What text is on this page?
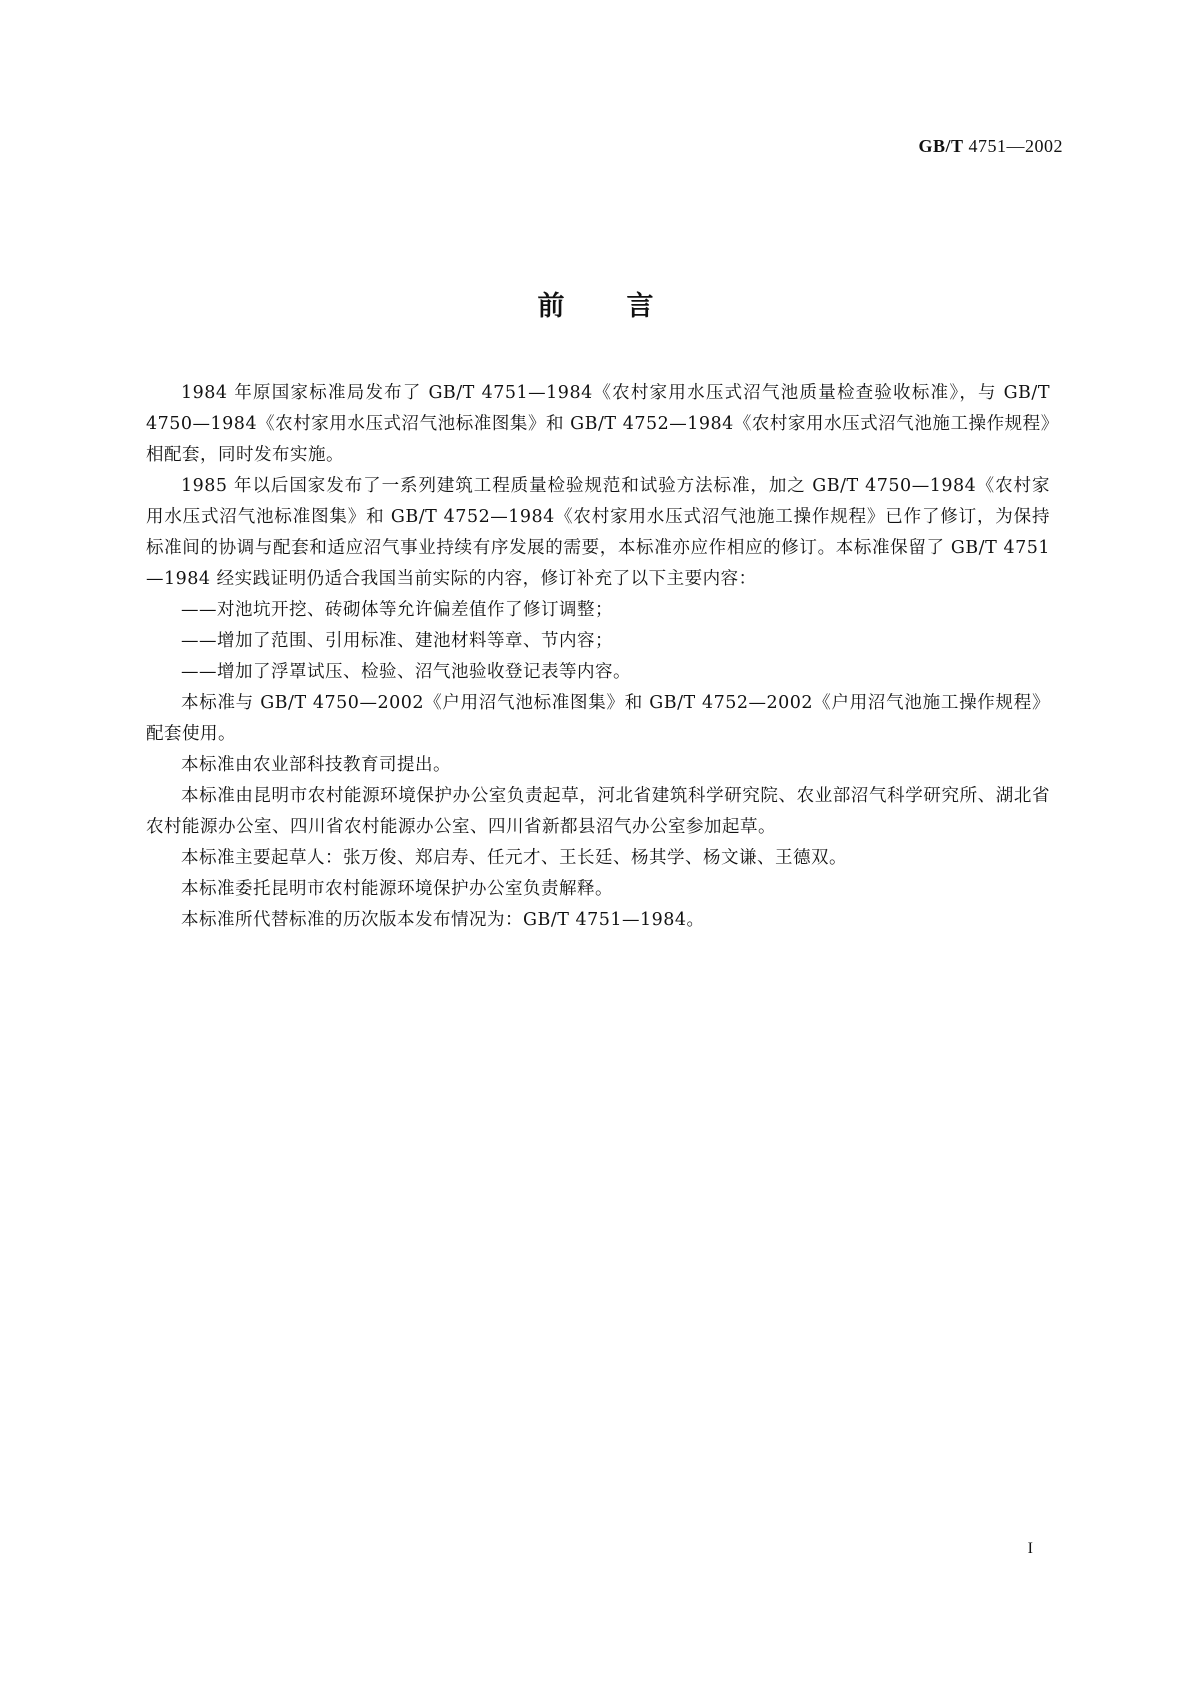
GB/T 4751—2002
前言

1984 年原国家标准局发布了 GB/T 4751—1984《农村家用水压式沼气池质量检查验收标准》，与 GB/T 4750—1984《农村家用水压式沼气池标准图集》和 GB/T 4752—1984《农村家用水压式沼气池施工操作规程》相配套，同时发布实施。

1985 年以后国家发布了一系列建筑工程质量检验规范和试验方法标准，加之 GB/T 4750—1984《农村家用水压式沼气池标准图集》和 GB/T 4752—1984《农村家用水压式沼气池施工操作规程》已作了修订，为保持标准间的协调与配套和适应沼气事业持续有序发展的需要，本标准亦应作相应的修订。本标准保留了 GB/T 4751—1984 经实践证明仍适合我国当前实际的内容，修订补充了以下主要内容：

——对池坑开挖、砖砌体等允许偏差值作了修订调整；

——增加了范围、引用标准、建池材料等章、节内容；

——增加了浮罩试压、检验、沼气池验收登记表等内容。

本标准与 GB/T 4750—2002《户用沼气池标准图集》和 GB/T 4752—2002《户用沼气池施工操作规程》配套使用。

本标准由农业部科技教育司提出。

本标准由昆明市农村能源环境保护办公室负责起草，河北省建筑科学研究院、农业部沼气科学研究所、湖北省农村能源办公室、四川省农村能源办公室、四川省新都县沼气办公室参加起草。

本标准主要起草人：张万俊、郑启寿、任元才、王长廷、杨其学、杨文谦、王德双。

本标准委托昆明市农村能源环境保护办公室负责解释。

本标准所代替标准的历次版本发布情况为：GB/T 4751—1984。

I
